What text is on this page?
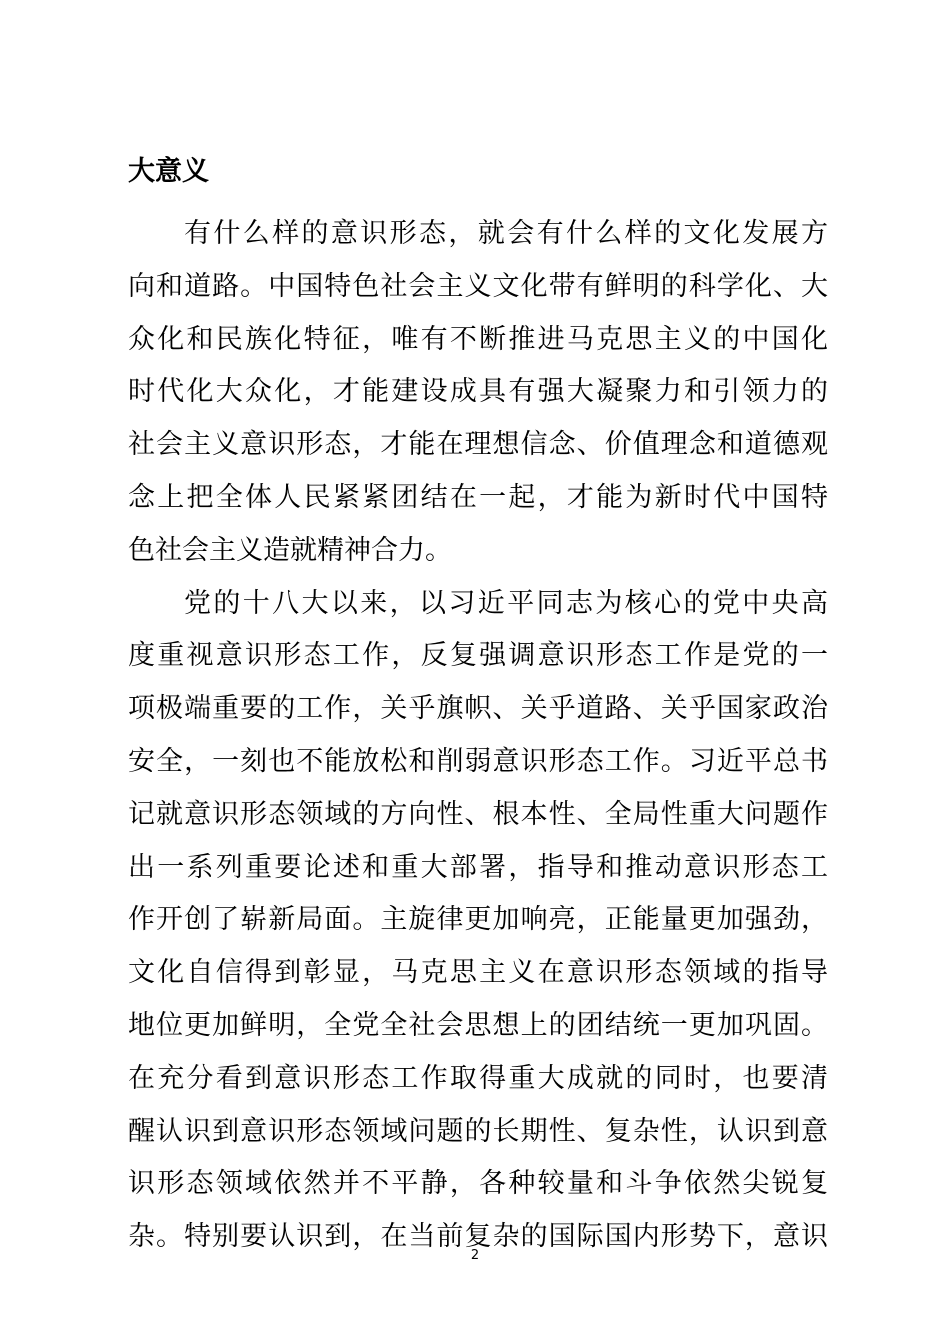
大意义
有什么样的意识形态，就会有什么样的文化发展方
向和道路。中国特色社会主义文化带有鲜明的科学化、大
众化和民族化特征，唯有不断推进马克思主义的中国化
时代化大众化，才能建设成具有强大凝聚力和引领力的
社会主义意识形态，才能在理想信念、价值理念和道德观
念上把全体人民紧紧团结在一起，才能为新时代中国特
色社会主义造就精神合力。
党的十八大以来，以习近平同志为核心的党中央高
度重视意识形态工作，反复强调意识形态工作是党的一
项极端重要的工作，关乎旗帜、关乎道路、关乎国家政治
安全，一刻也不能放松和削弱意识形态工作。习近平总书
记就意识形态领域的方向性、根本性、全局性重大问题作
出一系列重要论述和重大部署，指导和推动意识形态工
作开创了崭新局面。主旋律更加响亮，正能量更加强劲，
文化自信得到彰显，马克思主义在意识形态领域的指导
地位更加鲜明，全党全社会思想上的团结统一更加巩固。
在充分看到意识形态工作取得重大成就的同时，也要清
醒认识到意识形态领域问题的长期性、复杂性，认识到意
识形态领域依然并不平静，各种较量和斗争依然尖锐复
杂。特别要认识到，在当前复杂的国际国内形势下，意识
2
